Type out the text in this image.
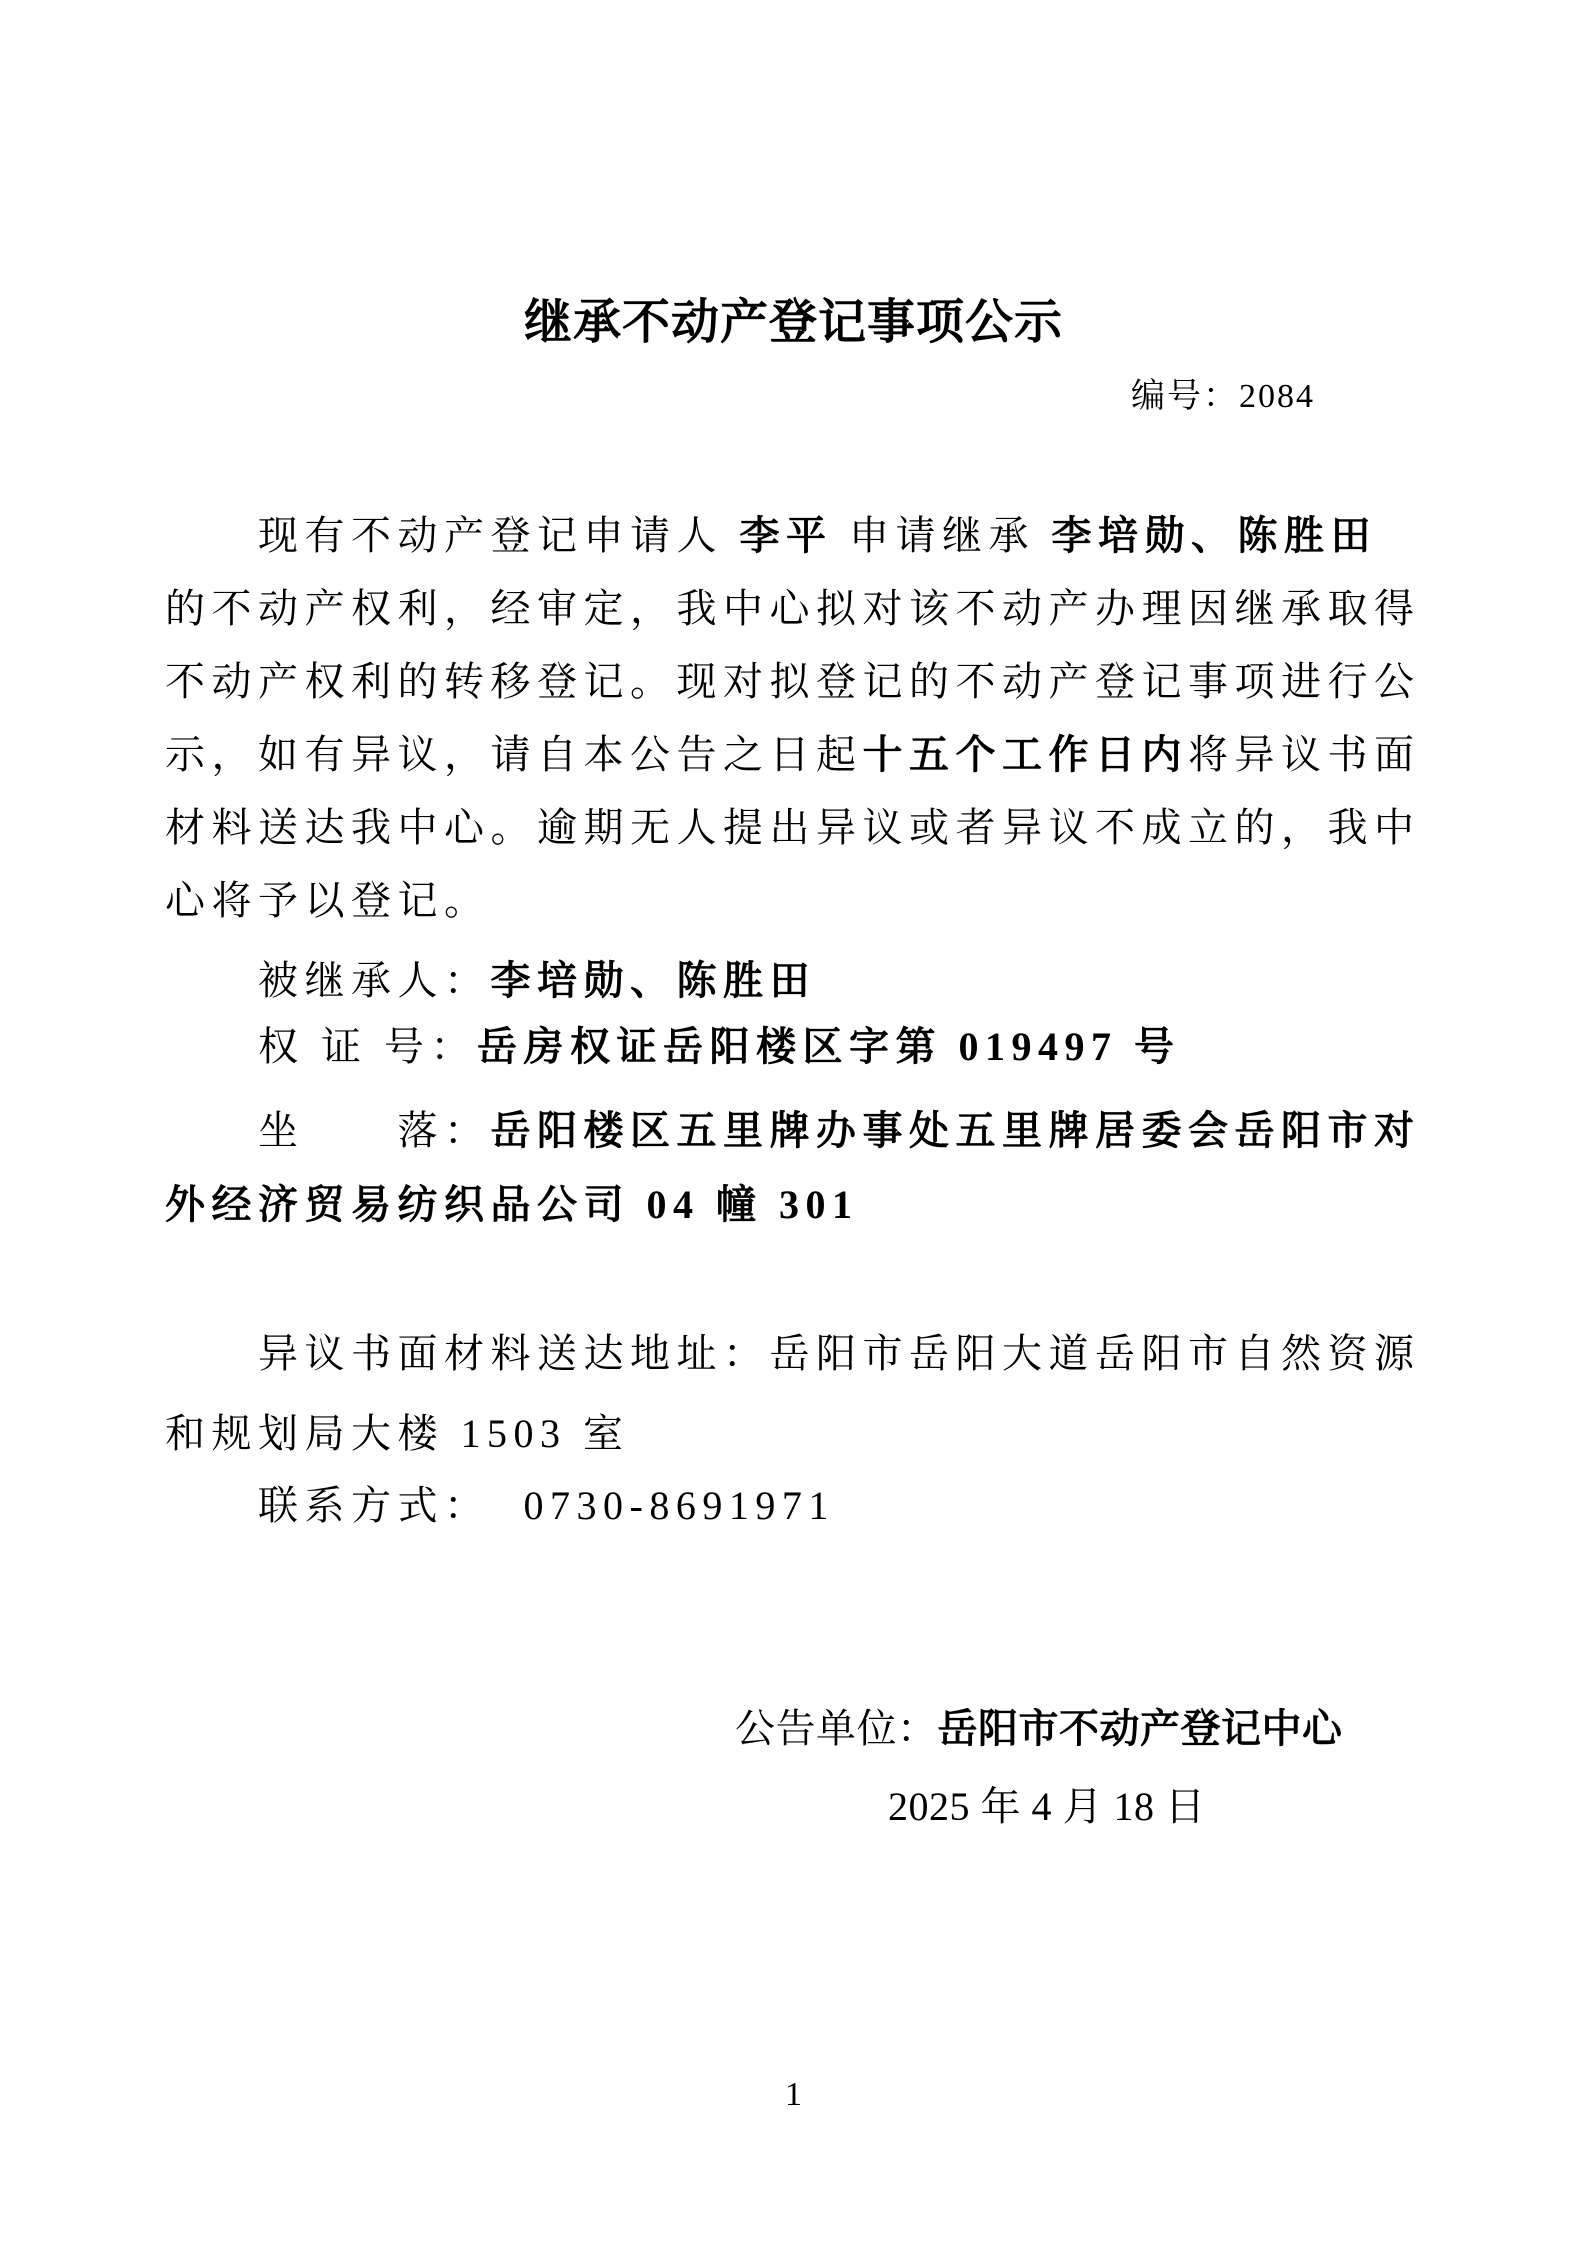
继承不动产登记事项公示
编号：2084
现有不动产登记申请人 李平 申请继承 李培勋、陈胜田
的不动产权利，经审定，我中心拟对该不动产办理因继承取得
不动产权利的转移登记。现对拟登记的不动产登记事项进行公
示，如有异议，请自本公告之日起十五个工作日内将异议书面
材料送达我中心。逾期无人提出异议或者异议不成立的，我中
心将予以登记。
被继承人：李培勋、陈胜田
权 证 号：岳房权证岳阳楼区字第 019497 号
坐　　落：岳阳楼区五里牌办事处五里牌居委会岳阳市对
外经济贸易纺织品公司 04 幢 301
异议书面材料送达地址：岳阳市岳阳大道岳阳市自然资源
和规划局大楼 1503 室
联系方式：  0730-8691971
公告单位：岳阳市不动产登记中心
2025 年 4 月 18 日
1
